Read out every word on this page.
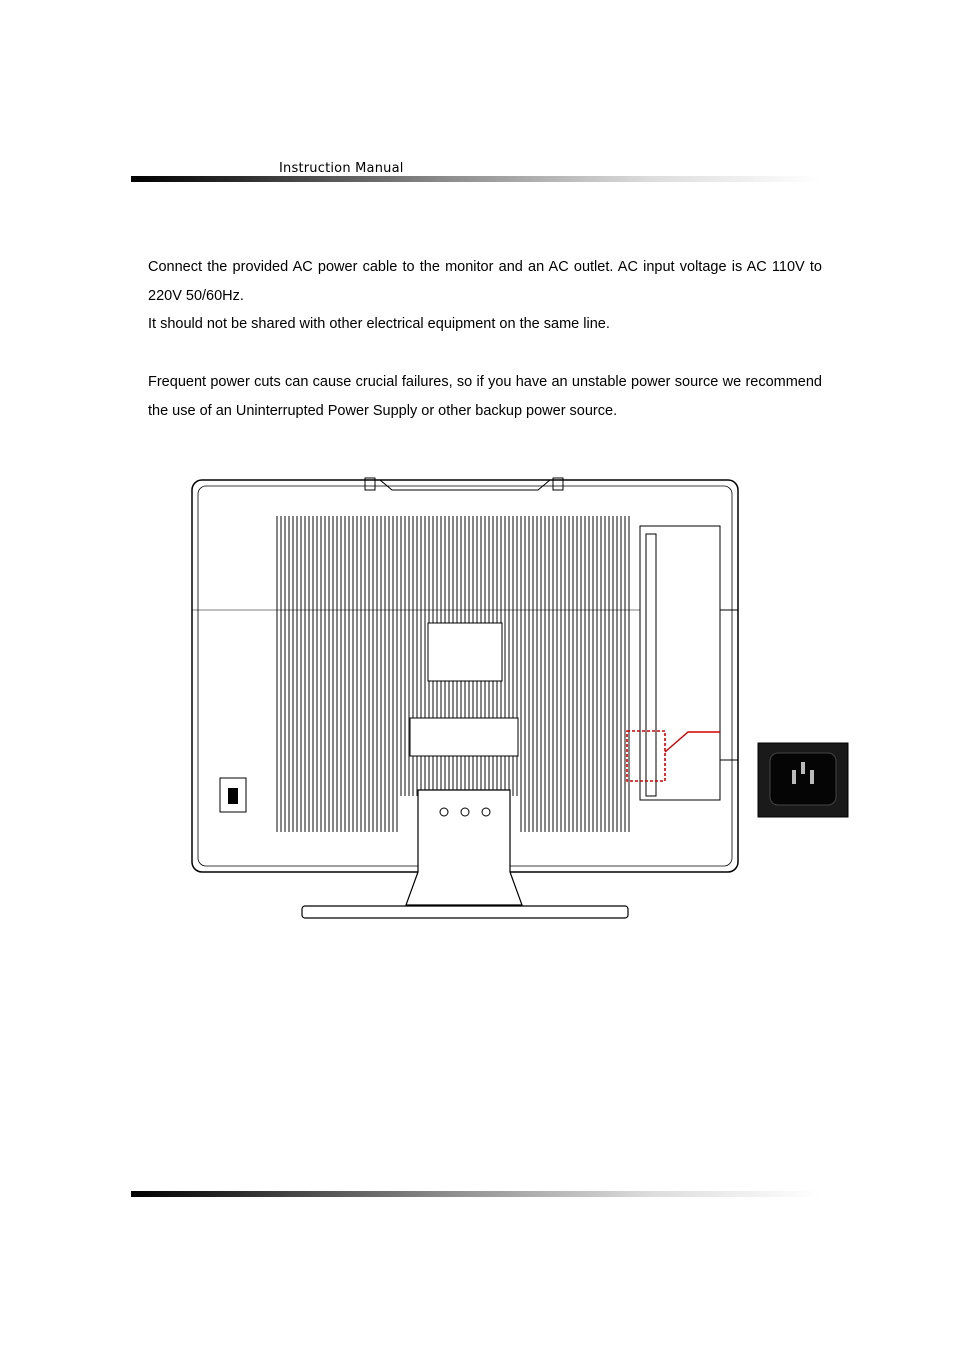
Instruction Manual

Connect the provided AC power cable to the monitor and an AC outlet. AC input voltage is AC 110V to 220V 50/60Hz.

It should not be shared with other electrical equipment on the same line.

Frequent power cuts can cause crucial failures, so if you have an unstable power source we recommend the use of an Uninterrupted Power Supply or other backup power source.
